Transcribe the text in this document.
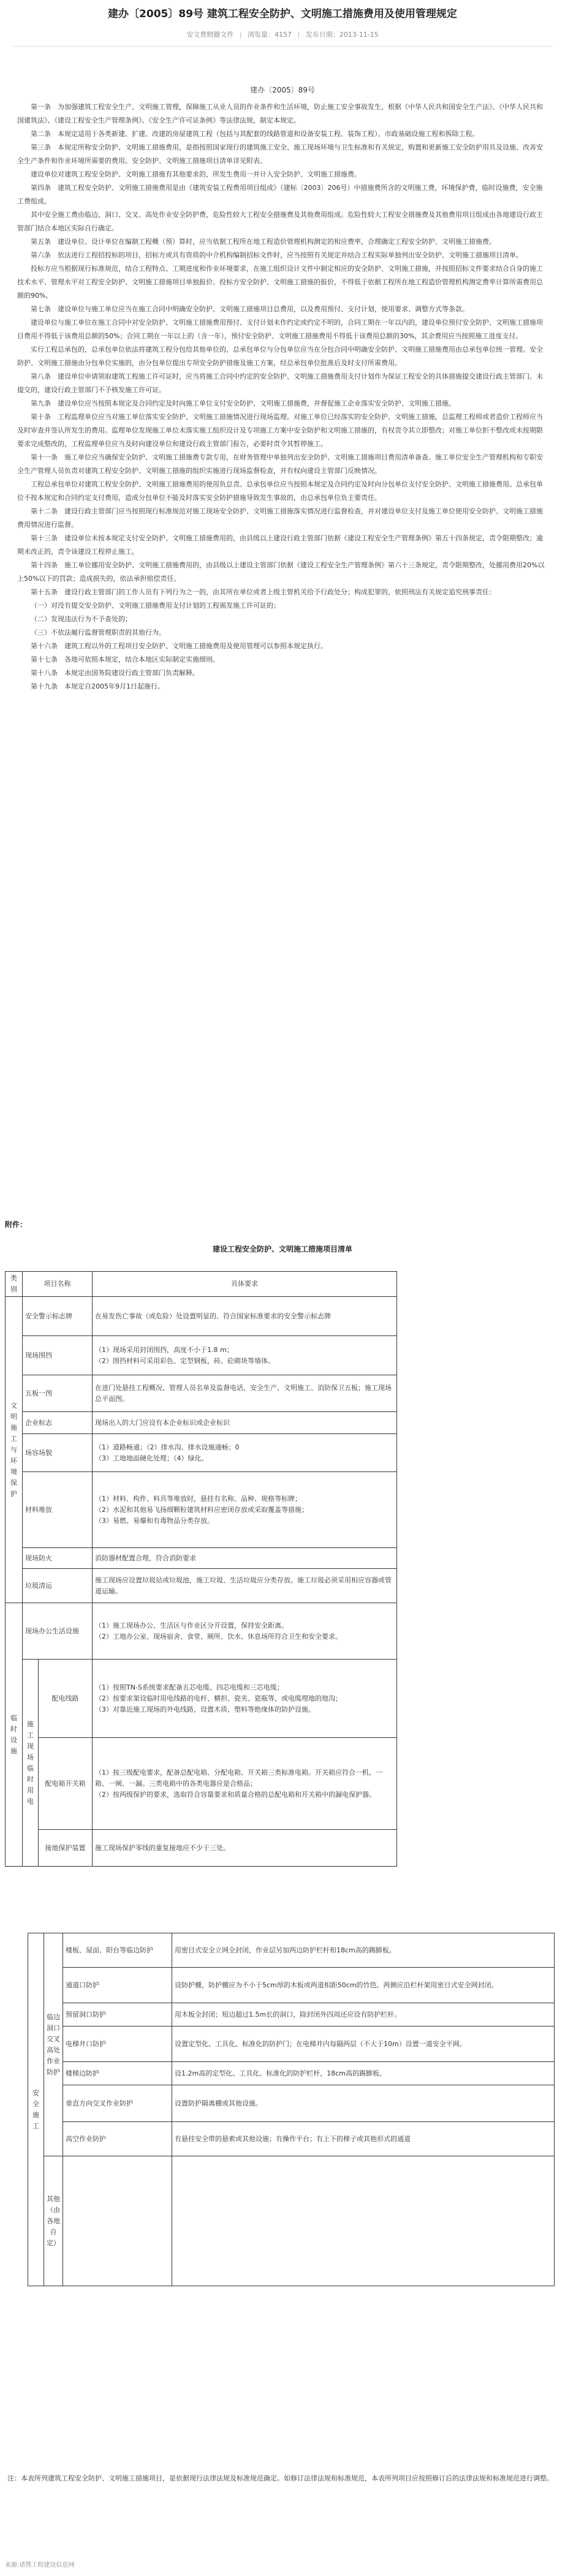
建办〔2005〕89号 建筑工程安全防护、文明施工措施费用及使用管理规定
安文费精髓文件 | 浏览量：4157 | 发布日期：2013-11-15
建办〔2005〕89号

第一条　为加强建筑工程安全生产、文明施工管理，保障施工从业人员的作业条件和生活环境，防止施工安全事故发生，根据《中华人民共和国安全生产法》、《中华人民共和国建筑法》、《建设工程安全生产管理条例》、《安全生产许可证条例》等法律法规，制定本规定。

第二条　本规定适用于各类新建、扩建、改建的房屋建筑工程（包括与其配套的线路管道和设备安装工程、装饰工程）、市政基础设施工程和拆除工程。

第三条　本规定所称安全防护、文明施工措施费用，是指按照国家现行的建筑施工安全、施工现场环境与卫生标准和有关规定，购置和更新施工安全防护用具及设施、改善安全生产条件和作业环境所需要的费用。安全防护、文明施工措施项目清单详见附表。

建设单位对建筑工程安全防护、文明施工措施有其他要求的，所发生费用一并计入安全防护、文明施工措施费。

第四条　建筑工程安全防护、文明施工措施费用是由《建筑安装工程费用项目组成》（建标〔2003〕206号）中措施费所含的文明施工费，环境保护费，临时设施费，安全施工费组成。

其中安全施工费由临边、洞口、交叉、高处作业安全防护费，危险性较大工程安全措施费及其他费用组成。危险性较大工程安全措施费及其他费用项目组成由各地建设行政主管部门结合本地区实际自行确定。

第五条　建设单位、设计单位在编制工程概（预）算时，应当依据工程所在地工程造价管理机构测定的相应费率，合理确定工程安全防护、文明施工措施费。

第六条　依法进行工程招投标的项目，招标方或具有资质的中介机构编制招标文件时，应当按照有关规定并结合工程实际单独列出安全防护、文明施工措施项目清单。

投标方应当根据现行标准规范，结合工程特点、工期进度和作业环境要求，在施工组织设计文件中制定相应的安全防护、文明施工措施，并按照招标文件要求结合自身的施工技术水平、管理水平对工程安全防护、文明施工措施项目单独报价。投标方安全防护、文明施工措施的报价，不得低于依据工程所在地工程造价管理机构测定费率计算所需费用总额的90%。

第七条　建设单位与施工单位应当在施工合同中明确安全防护、文明施工措施项目总费用，以及费用预付、支付计划，使用要求、调整方式等条款。

建设单位与施工单位在施工合同中对安全防护、文明施工措施费用预付、支付计划未作约定或约定不明的，合同工期在一年以内的，建设单位预付安全防护、文明施工措施项目费用不得低于该费用总额的50%；合同工期在一年以上的（含一年），预付安全防护、文明施工措施费用不得低于该费用总额的30%，其余费用应当按照施工进度支付。

实行工程总承包的，总承包单位依法将建筑工程分包给其他单位的，总承包单位与分包单位应当在分包合同中明确安全防护、文明施工措施费用由总承包单位统一管理。安全防护、文明施工措施由分包单位实施的，由分包单位提出专项安全防护措施及施工方案，经总承包单位批准后及时支付所需费用。

第八条　建设单位申请领取建筑工程施工许可证时，应当将施工合同中约定的安全防护、文明施工措施费用支付计划作为保证工程安全的具体措施提交建设行政主管部门。未提交的，建设行政主管部门不予核发施工许可证。

第九条　建设单位应当按照本规定及合同约定及时向施工单位支付安全防护、文明施工措施费，并督促施工企业落实安全防护、文明施工措施。

第十条　工程监理单位应当对施工单位落实安全防护、文明施工措施情况进行现场监理。对施工单位已经落实的安全防护、文明施工措施，总监理工程师或者造价工程师应当及时审查并签认所发生的费用。监理单位发现施工单位未落实施工组织设计及专项施工方案中安全防护和文明施工措施的，有权责令其立即整改；对施工单位拒不整改或未按期限要求完成整改的，工程监理单位应当及时向建设单位和建设行政主管部门报告，必要时责令其暂停施工。

第十一条　施工单位应当确保安全防护、文明施工措施费专款专用，在财务管理中单独列出安全防护、文明施工措施项目费用清单备查。施工单位安全生产管理机构和专职安全生产管理人员负责对建筑工程安全防护、文明施工措施的组织实施进行现场监督检查，并有权向建设主管部门反映情况。

工程总承包单位对建筑工程安全防护、文明施工措施费用的使用负总责。总承包单位应当按照本规定及合同约定及时向分包单位支付安全防护、文明施工措施费用。总承包单位不按本规定和合同约定支付费用，造成分包单位不能及时落实安全防护措施导致发生事故的，由总承包单位负主要责任。

第十二条　建设行政主管部门应当按照现行标准规范对施工现场安全防护、文明施工措施落实情况进行监督检查，并对建设单位支付及施工单位使用安全防护、文明施工措施费用情况进行监督。

第十三条　建设单位未按本规定支付安全防护、文明施工措施费用的，由县级以上建设行政主管部门依据《建设工程安全生产管理条例》第五十四条规定，责令限期整改；逾期未改正的，责令该建设工程停止施工。

第十四条　施工单位挪用安全防护、文明施工措施费用的，由县级以上建设主管部门依据《建设工程安全生产管理条例》第六十三条规定，责令限期整改，处挪用费用20%以上50%以下的罚款；造成损失的，依法承担赔偿责任。

第十五条　建设行政主管部门的工作人员有下列行为之一的，由其所在单位或者上级主管机关给予行政处分；构成犯罪的，依照刑法有关规定追究刑事责任：

（一）对没有提交安全防护、文明施工措施费用支付计划的工程颁发施工许可证的；

（二）发现违法行为不予查处的；

（三）不依法履行监督管理职责的其他行为。

第十六条　建筑工程以外的工程项目安全防护、文明施工措施费用及使用管理可以参照本规定执行。

第十七条　各地可依照本规定，结合本地区实际制定实施细则。

第十八条　本规定由国务院建设行政主管部门负责解释。

第十九条　本规定自2005年9月1日起施行。

附件：
建设工程安全防护、文明施工措施项目清单
类别	项目名称		具体要求
文明施工与环境保护	安全警示标志牌		在易发伤亡事故（或危险）处设置明显的、符合国家标准要求的安全警示标志牌
	现场围挡		（1）现场采用封闭围挡，高度不小于1.8 m；
（2）围挡材料可采用彩色、定型钢板，砖、砼砌块等墙体。
	五板一图		在进门处悬挂工程概况、管理人员名单及监督电话、安全生产、文明施工、消防保卫五板；施工现场总平面图。
	企业标志		现场出入的大门应设有本企业标识或企业标识
	场容场貌		（1）道路畅通；（2）排水沟、排水设施通畅；0
（3）工地地面硬化处理；（4）绿化。
	材料堆放		（1）材料、构件、料具等堆放时，悬挂有名称、品种、规格等标牌；
（2）水泥和其他易飞扬细颗粒建筑材料应密闭存放或采取覆盖等措施；
（3）易燃、易爆和有毒物品分类存放。
	现场防火		消防器材配置合理，符合消防要求
	垃圾清运		施工现场应设置垃圾站或垃圾池，施工垃圾、生活垃圾应分类存放。施工垃圾必须采用相应容器或管道运输。
临时设施	现场办公生活设施		（1）施工现场办公、生活区与作业区分开设置，保持安全距离。
（2）工地办公室、现场宿舍、食堂、厕所、饮水、休息场所符合卫生和安全要求。
	施工现场临时用电	配电线路	（1）按照TN-S系统要求配备五芯电缆、四芯电缆和三芯电缆；
（2）按要求架设临时用电线路的电杆、横担、瓷夹、瓷瓶等，或电缆埋地的地沟；
（3）对靠近施工现场的外电线路，设置木质、塑料等绝缘体的防护设施。
		配电箱开关箱	（1）按三级配电要求，配备总配电箱、分配电箱、开关箱三类标准电箱。开关箱应符合一机、一箱、一闸、一漏。三类电箱中的各类电器应是合格品；
（2）按两级保护的要求，选取符合容量要求和质量合格的总配电箱和开关箱中的漏电保护器。
		接地保护装置	施工现场保护零线的重复接地应不少于三处。
安全施工	临边洞口交叉高处作业防护	楼板、屋面、阳台等临边防护	用密目式安全立网全封闭，作业层另加两边防护栏杆和18cm高的踢脚板。
		通道口防护	设防护棚，防护棚应为不小于5cm厚的木板或两道相距50cm的竹笆。两侧应沿栏杆架用密目式安全网封闭。
		预留洞口防护	用木板全封闭；短边超过1.5m长的洞口，除封闭外四周还应设有防护栏杆。
		电梯井口防护	设置定型化、工具化、标准化的防护门；在电梯井内每隔两层（不大于10m）设置一道安全平网。
		楼梯边防护	设1.2m高的定型化、工具化、标准化的防护栏杆，18cm高的踢脚板。
		垂直方向交叉作业防护	设置防护隔离棚或其他设施。
		高空作业防护	有悬挂安全带的悬索或其他设施；有操作平台；有上下的梯子或其他形式的通道
	其他（由各地自定）		
注：本表所列建筑工程安全防护、文明施工措施项目，是依据现行法律法规及标准规范确定。如修订法律法规和标准规范，本表所列项目应按照修订后的法律法规和标准规范进行调整。
来源:诸暨工程建设信息网
